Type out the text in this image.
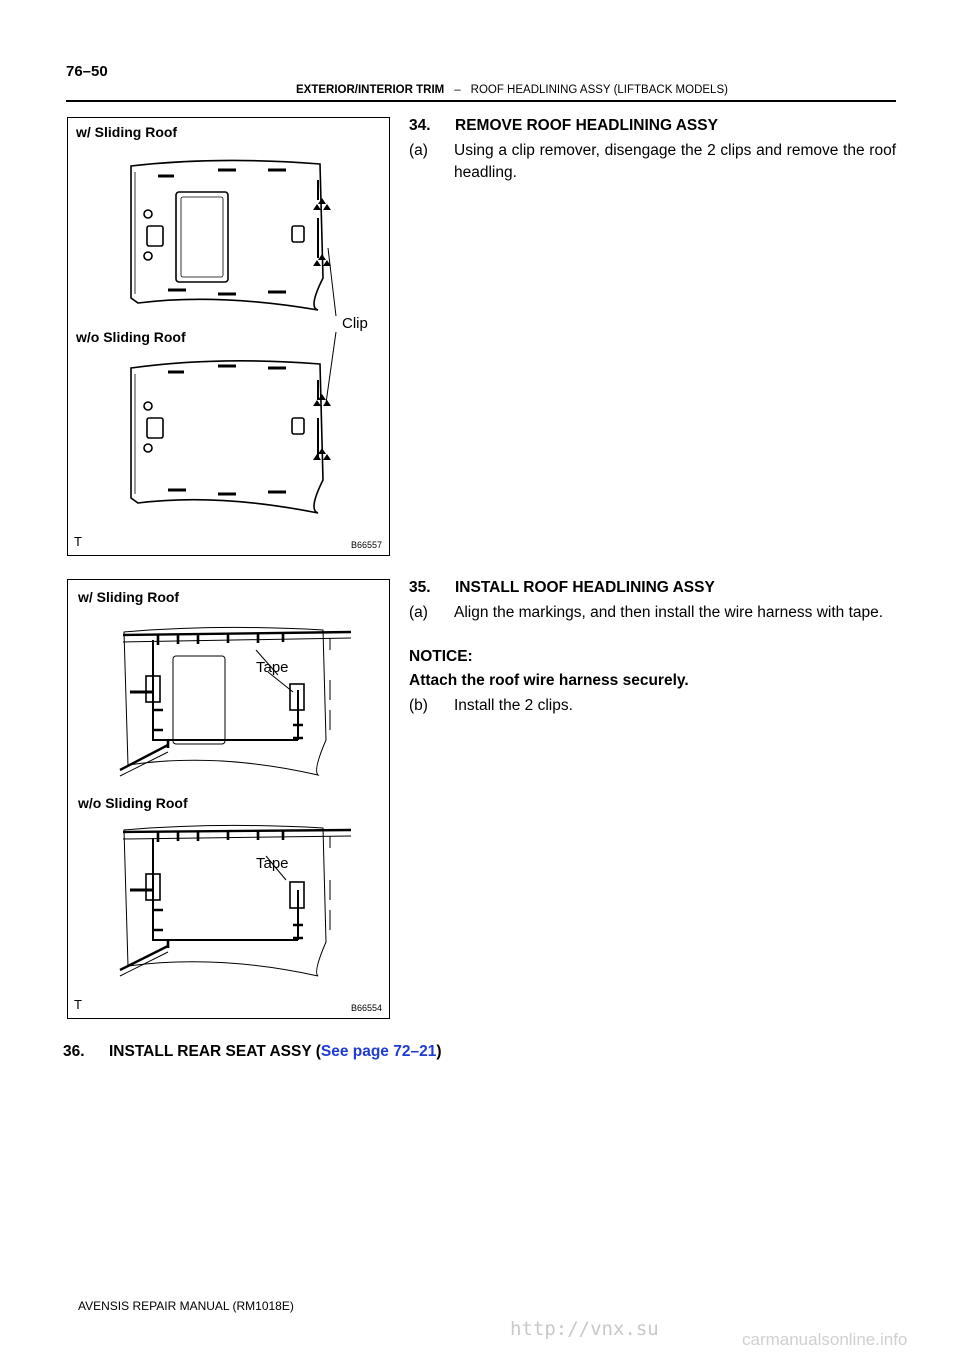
76–50
EXTERIOR/INTERIOR TRIM – ROOF HEADLINING ASSY (LIFTBACK MODELS)
w/ Sliding Roof
w/o Sliding Roof
Clip
T	B66557
w/ Sliding Roof
w/o Sliding Roof
Tape
Tape
T	B66554
34. REMOVE ROOF HEADLINING ASSY
(a) Using a clip remover, disengage the 2 clips and remove the roof headling.
35. INSTALL ROOF HEADLINING ASSY
(a) Align the markings, and then install the wire harness with tape.
NOTICE:
Attach the roof wire harness securely.
(b) Install the 2 clips.
36. INSTALL REAR SEAT ASSY (See page 72–21)
AVENSIS REPAIR MANUAL (RM1018E)
http://vnx.su	carmanualsonline.info
